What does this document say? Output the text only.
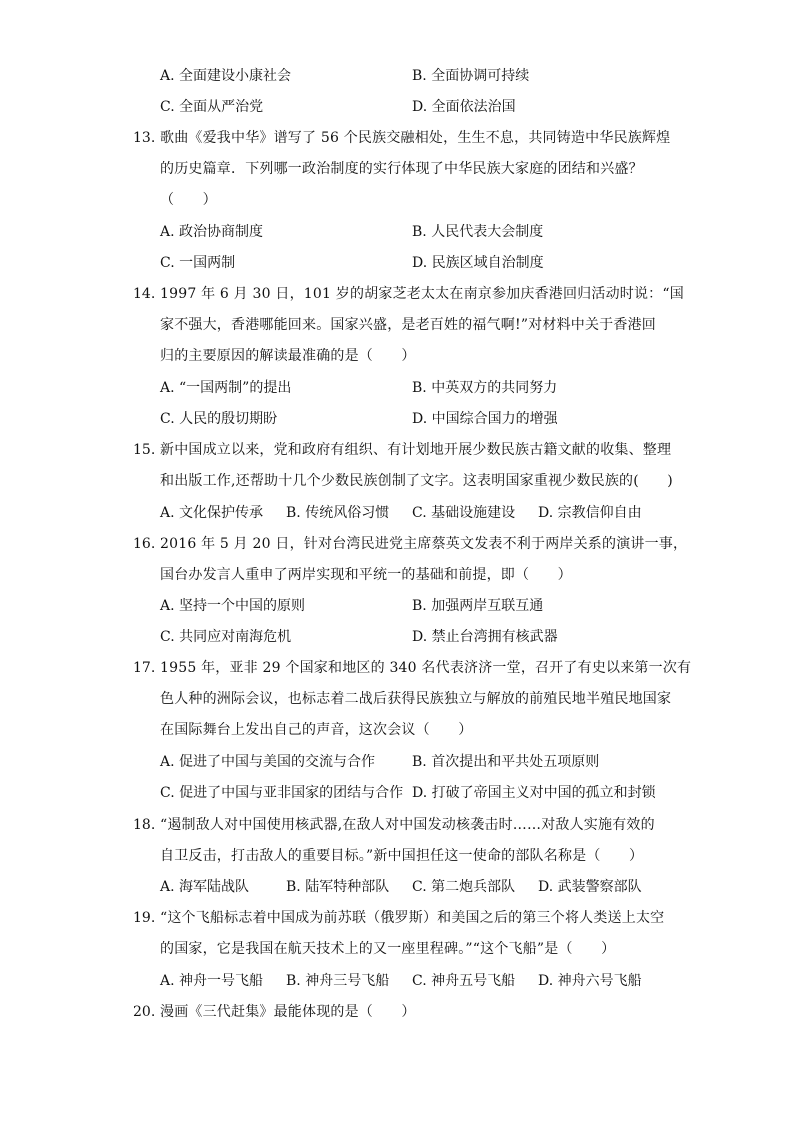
A. 全面建设小康社会	B. 全面协调可持续
C. 全面从严治党	D. 全面依法治国
13. 歌曲《爱我中华》谱写了 56 个民族交融相处，生生不息，共同铸造中华民族辉煌
的历史篇章．下列哪一政治制度的实行体现了中华民族大家庭的团结和兴盛？
（　　）
A. 政治协商制度	B. 人民代表大会制度
C. 一国两制	D. 民族区域自治制度
14. 1997 年 6 月 30 日，101 岁的胡家芝老太太在南京参加庆香港回归活动时说：“国
家不强大，香港哪能回来。国家兴盛，是老百姓的福气啊!”对材料中关于香港回
归的主要原因的解读最准确的是（　　）
A. “一国两制”的提出	B. 中英双方的共同努力
C. 人民的殷切期盼	D. 中国综合国力的增强
15. 新中国成立以来，党和政府有组织、有计划地开展少数民族古籍文献的收集、整理
和出版工作,还帮助十几个少数民族创制了文字。这表明国家重视少数民族的(　　)
A. 文化保护传承 B. 传统风俗习惯 C. 基础设施建设 D. 宗教信仰自由
16. 2016 年 5 月 20 日，针对台湾民进党主席蔡英文发表不利于两岸关系的演讲一事，
国台办发言人重申了两岸实现和平统一的基础和前提，即（　　）
A. 坚持一个中国的原则	B. 加强两岸互联互通
C. 共同应对南海危机	D. 禁止台湾拥有核武器
17. 1955 年，亚非 29 个国家和地区的 340 名代表济济一堂，召开了有史以来第一次有
色人种的洲际会议，也标志着二战后获得民族独立与解放的前殖民地半殖民地国家
在国际舞台上发出自己的声音，这次会议（　　）
A. 促进了中国与美国的交流与合作	B. 首次提出和平共处五项原则
C. 促进了中国与亚非国家的团结与合作 D. 打破了帝国主义对中国的孤立和封锁
18. “遏制敌人对中国使用核武器,在敌人对中国发动核袭击时……对敌人实施有效的
自卫反击，打击敌人的重要目标。”新中国担任这一使命的部队名称是（　　）
A. 海军陆战队	B. 陆军特种部队 C. 第二炮兵部队 D. 武装警察部队
19. “这个飞船标志着中国成为前苏联（俄罗斯）和美国之后的第三个将人类送上太空
的国家，它是我国在航天技术上的又一座里程碑。”“这个飞船”是（　　）
A. 神舟一号飞船 B. 神舟三号飞船 C. 神舟五号飞船 D. 神舟六号飞船
20. 漫画《三代赶集》最能体现的是（　　）
